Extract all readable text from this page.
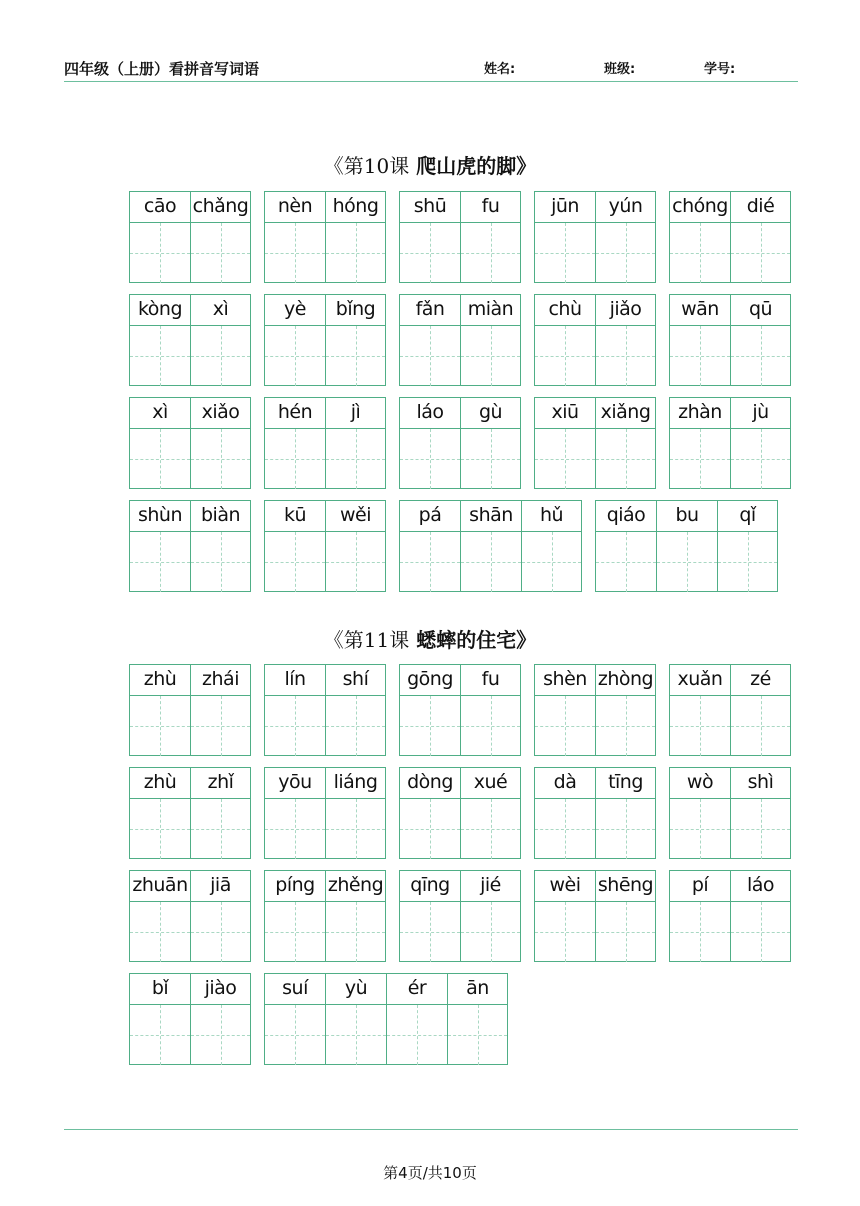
四年级（上册）看拼音写词语	姓名:	班级:	学号:
《第10课 爬山虎的脚》
cāo chǎng	nèn	hóng	shū	fu	jūn	yún	chóng dié
kòng	xì	yè	bǐng	fǎn	miàn	chù	jiǎo	wān	qū
xì	xiǎo	hén	jì	láo	gù	xiū	xiǎng	zhàn	jù
shùn biàn	kū	wěi	pá	shān	hǔ	qiáo	bu	qǐ
《第11课 蟋蟀的住宅》
zhù	zhái	lín	shí	gōng	fu	shèn zhòng	xuǎn	zé
zhù	zhǐ	yōu	liáng	dòng	xué	dà	tīng	wò	shì
zhuān	jiā	píng zhěng	qīng	jié	wèi shēng	pí	láo
bǐ	jiào	suí	yù	ér	ān
第4页/共10页
